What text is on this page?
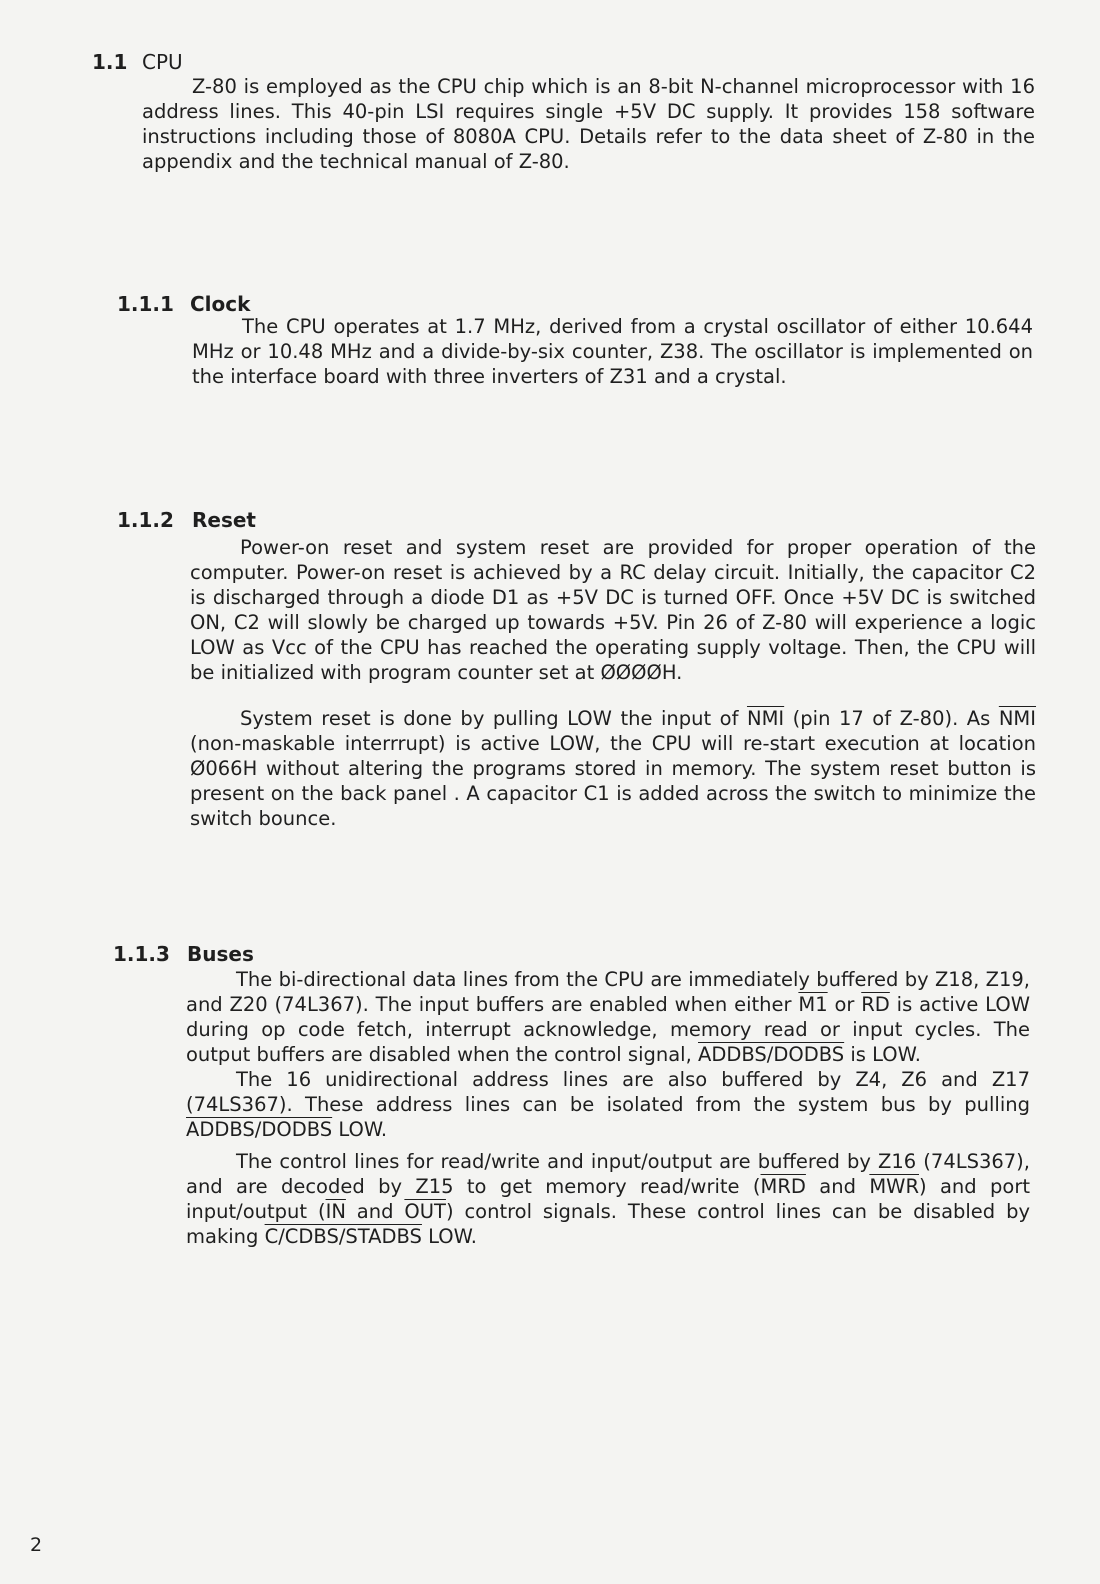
1.1 CPU

Z-80 is employed as the CPU chip which is an 8-bit N-channel microprocessor with 16 address lines. This 40-pin LSI requires single +5V DC supply. It provides 158 software instructions including those of 8080A CPU. Details refer to the data sheet of Z-80 in the appendix and the technical manual of Z-80.

1.1.1 Clock

The CPU operates at 1.7 MHz, derived from a crystal oscillator of either 10.644 MHz or 10.48 MHz and a divide-by-six counter, Z38. The oscillator is implemented on the interface board with three inverters of Z31 and a crystal.

1.1.2 Reset

Power-on reset and system reset are provided for proper operation of the computer. Power-on reset is achieved by a RC delay circuit. Initially, the capacitor C2 is discharged through a diode D1 as +5V DC is turned OFF. Once +5V DC is switched ON, C2 will slowly be charged up towards +5V. Pin 26 of Z-80 will experience a logic LOW as Vcc of the CPU has reached the operating supply voltage. Then, the CPU will be initialized with program counter set at ØØØØH.

System reset is done by pulling LOW the input of $\overline{NMI}$ (pin 17 of Z-80). As $\overline{NMI}$ (non-maskable interrrupt) is active LOW, the CPU will re-start execution at location Ø066H without altering the programs stored in memory. The system reset button is present on the back panel . A capacitor C1 is added across the switch to minimize the switch bounce.

1.1.3 Buses

The bi-directional data lines from the CPU are immediately buffered by Z18, Z19, and Z20 (74L367). The input buffers are enabled when either M1 or $\overline{RD}$ is active LOW during op code fetch, interrupt acknowledge, memory read or input cycles. The output buffers are disabled when the control signal, ADDBS/DODBS is LOW.

The 16 unidirectional address lines are also buffered by Z4, Z6 and Z17 (74LS367). These address lines can be isolated from the system bus by pulling ADDBS/DODBS LOW.

The control lines for read/write and input/output are buffered by Z16 (74LS367), and are decoded by Z15 to get memory read/write ($\overline{MRD}$ and $\overline{MWR}$) and port input/output ($\overline{IN}$ and $\overline{OUT}$) control signals. These control lines can be disabled by making C/CDBS/STADBS LOW.

2
